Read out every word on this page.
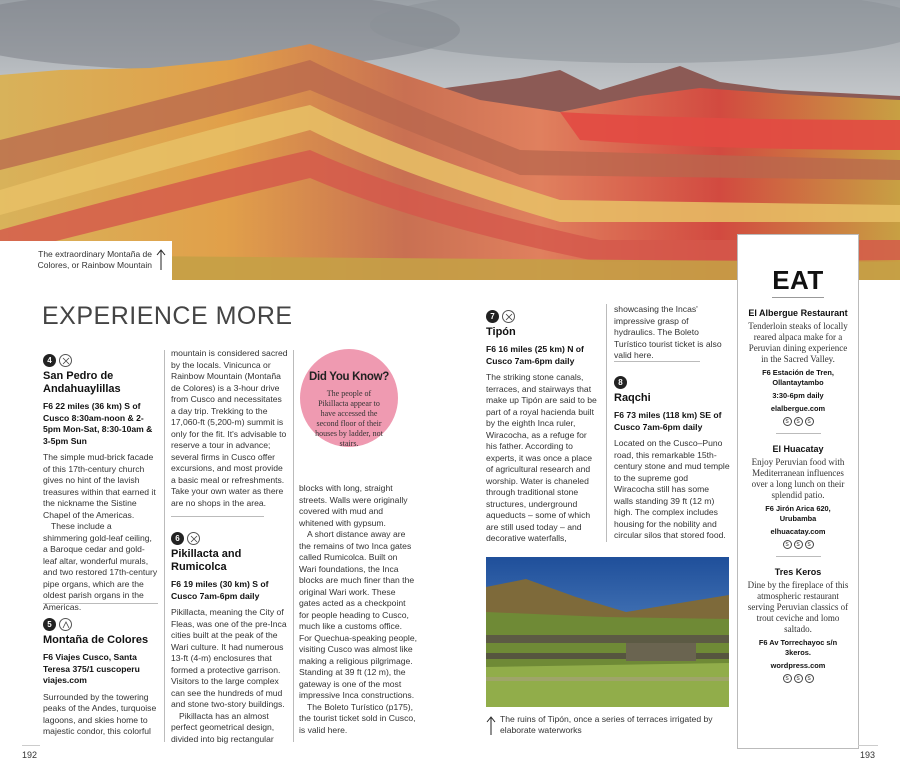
The extraordinary Montaña de Colores, or Rainbow Mountain
EXPERIENCE MORE
4
San Pedro de Andahuaylillas
F6 22 miles (36 km) S of Cusco 8:30am-noon & 2-5pm Mon-Sat, 8:30-10am & 3-5pm Sun

The simple mud-brick facade of this 17th-century church gives no hint of the lavish treasures within that earned it the nickname the Sistine Chapel of the Americas.

These include a shimmering gold-leaf ceiling, a Baroque cedar and gold-leaf altar, wonderful murals, and two restored 17th-century pipe organs, which are the oldest parish organs in the Americas.

5
Montaña de Colores
F6 Viajes Cusco, Santa Teresa 375/1 cuscoperu viajes.com

Surrounded by the towering peaks of the Andes, turquoise lagoons, and skies home to majestic condor, this colorful

mountain is considered sacred by the locals. Vinicunca or Rainbow Mountain (Montaña de Colores) is a 3-hour drive from Cusco and necessitates a day trip. Trekking to the 17,060-ft (5,200-m) summit is only for the fit. It's advisable to reserve a tour in advance; several firms in Cusco offer excursions, and most provide a basic meal or refreshments. Take your own water as there are no shops in the area.
6
Pikillacta and Rumicolca
F6 19 miles (30 km) S of Cusco 7am-6pm daily

Pikillacta, meaning the City of Fleas, was one of the pre-Inca cities built at the peak of the Wari culture. It had numerous 13-ft (4-m) enclosures that formed a protective garrison. Visitors to the large complex can see the hundreds of mud and stone two-story buildings.

Pikillacta has an almost perfect geometrical design, divided into big rectangular

Did You Know?
The people of Pikillacta appear to have accessed the second floor of their houses by ladder, not stairs.

blocks with long, straight streets. Walls were originally covered with mud and whitened with gypsum.

A short distance away are the remains of two Inca gates called Rumicolca. Built on Wari foundations, the Inca blocks are much finer than the original Wari work. These gates acted as a checkpoint for people heading to Cusco, much like a customs office. For Quechua-speaking people, visiting Cusco was almost like making a religious pilgrimage. Standing at 39 ft (12 m), the gateway is one of the most impressive Inca constructions.

The Boleto Turístico (p175), the tourist ticket sold in Cusco, is valid here.

7
Tipón
F6 16 miles (25 km) N of Cusco 7am-6pm daily

The striking stone canals, terraces, and stairways that make up Tipón are said to be part of a royal hacienda built by the eighth Inca ruler, Wiracocha, as a refuge for his father. According to experts, it was once a place of agricultural research and worship. Water is chaneled through traditional stone structures, underground aqueducts – some of which are still used today – and decorative waterfalls,

showcasing the Incas' impressive grasp of hydraulics. The Boleto Turístico tourist ticket is also valid here.
8
Raqchi
F6 73 miles (118 km) SE of Cusco 7am-6pm daily

Located on the Cusco–Puno road, this remarkable 15th-century stone and mud temple to the supreme god Wiracocha still has some walls standing 39 ft (12 m) high. The complex includes housing for the nobility and circular silos that stored food.

The ruins of Tipón, once a series of terraces irrigated by elaborate waterworks
EAT
El Albergue Restaurant
Tenderloin steaks of locally reared alpaca make for a Peruvian dining experience in the Sacred Valley.
F6 Estación de Tren, Ollantaytambo
3:30-6pm daily
elalbergue.com
S	S	S
El Huacatay
Enjoy Peruvian food with Mediterranean influences over a long lunch on their splendid patio.
F6 Jirón Arica 620, Urubamba
elhuacatay.com
S	S	S
Tres Keros
Dine by the fireplace of this atmospheric restaurant serving Peruvian classics of trout ceviche and lomo saltado.
F6 Av Torrechayoc s/n 3keros.
wordpress.com
S	S	S
192	193
